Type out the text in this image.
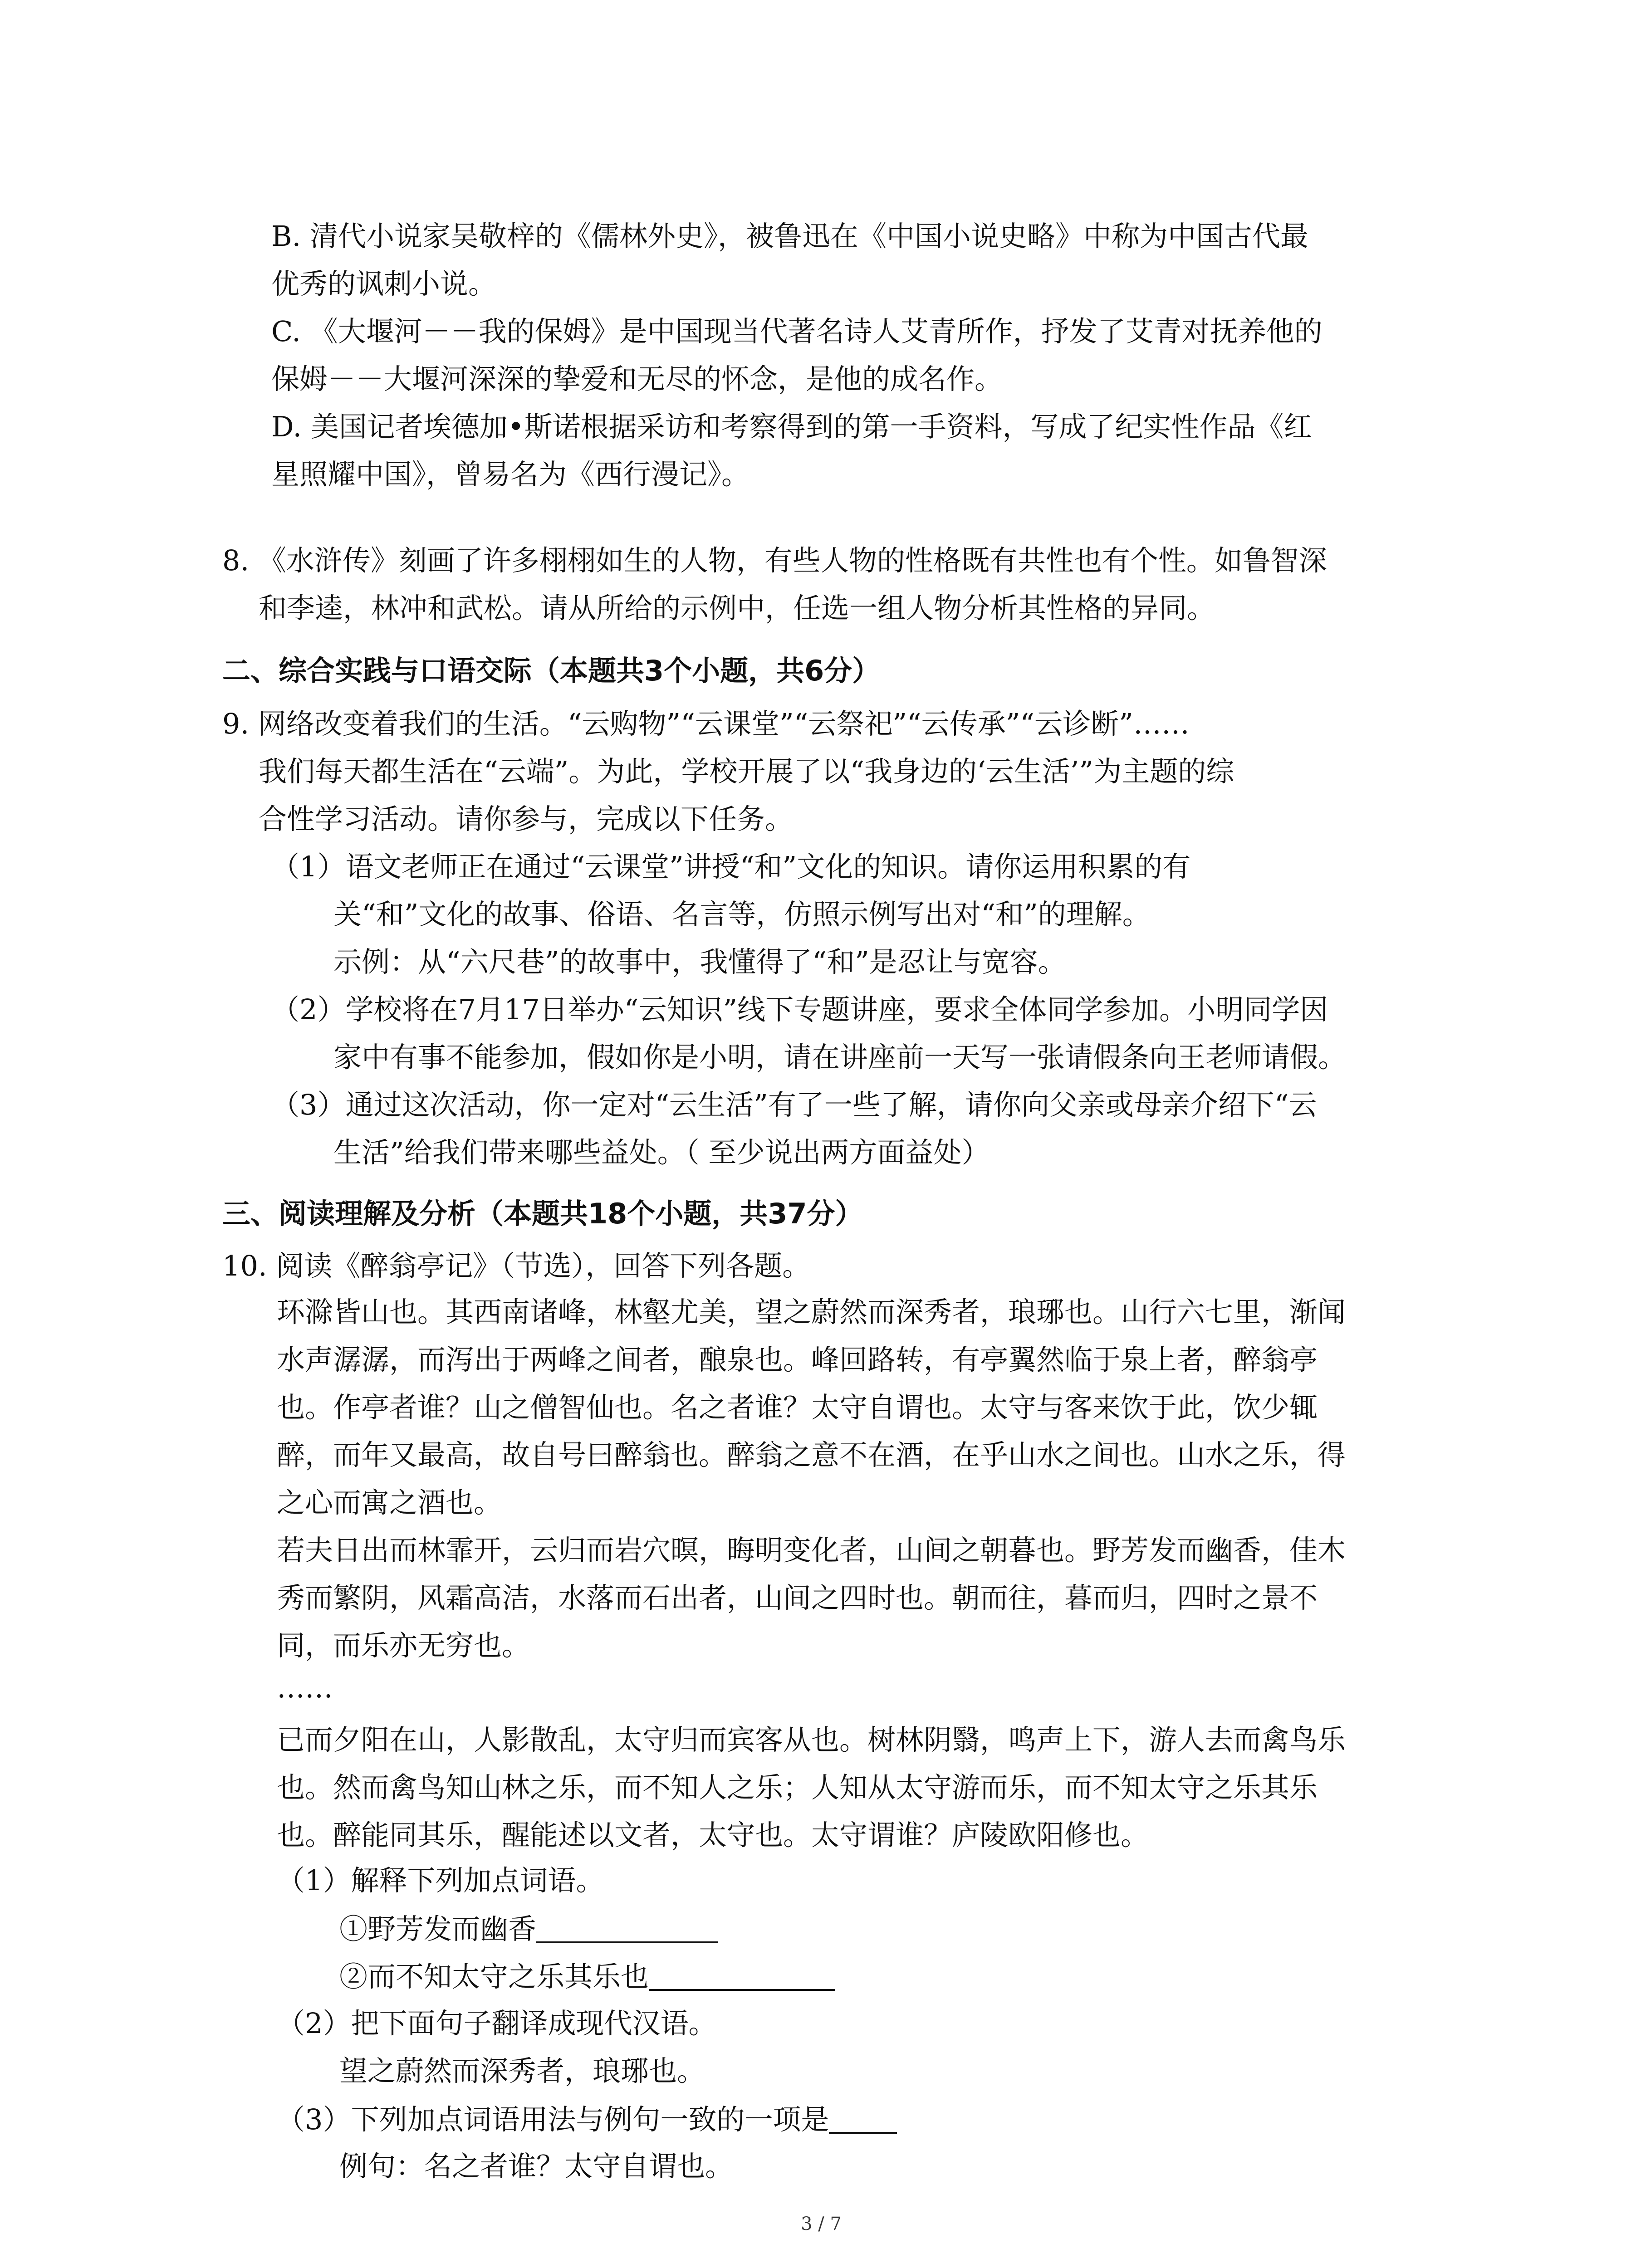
B. 清代小说家吴敬梓的《儒林外史》，被鲁迅在《中国小说史略》中称为中国古代最
优秀的讽刺小说。
C. 《大堰河－－我的保姆》是中国现当代著名诗人艾青所作，抒发了艾青对抚养他的
保姆－－大堰河深深的挚爱和无尽的怀念，是他的成名作。
D. 美国记者埃德加•斯诺根据采访和考察得到的第一手资料，写成了纪实性作品《红
星照耀中国》，曾易名为《西行漫记》。
8. 《水浒传》刻画了许多栩栩如生的人物，有些人物的性格既有共性也有个性。如鲁智深
和李逵，林冲和武松。请从所给的示例中，任选一组人物分析其性格的异同。
二、综合实践与口语交际（本题共3个小题，共6分）
9. 网络改变着我们的生活。“云购物”“云课堂”“云祭祀”“云传承”“云诊断”……
我们每天都生活在“云端”。为此，学校开展了以“我身边的‘云生活’”为主题的综
合性学习活动。请你参与，完成以下任务。
（1）语文老师正在通过“云课堂”讲授“和”文化的知识。请你运用积累的有
关“和”文化的故事、俗语、名言等，仿照示例写出对“和”的理解。
示例：从“六尺巷”的故事中，我懂得了“和”是忍让与宽容。
（2）学校将在7月17日举办“云知识”线下专题讲座，要求全体同学参加。小明同学因
家中有事不能参加，假如你是小明，请在讲座前一天写一张请假条向王老师请假。
（3）通过这次活动，你一定对“云生活”有了一些了解，请你向父亲或母亲介绍下“云
生活”给我们带来哪些益处。（ 至少说出两方面益处）
三、阅读理解及分析（本题共18个小题，共37分）
10. 阅读《醉翁亭记》（节选），回答下列各题。
环滁皆山也。其西南诸峰，林壑尤美，望之蔚然而深秀者，琅琊也。山行六七里，渐闻
水声潺潺，而泻出于两峰之间者，酿泉也。峰回路转，有亭翼然临于泉上者，醉翁亭
也。作亭者谁？山之僧智仙也。名之者谁？太守自谓也。太守与客来饮于此，饮少辄
醉，而年又最高，故自号曰醉翁也。醉翁之意不在酒，在乎山水之间也。山水之乐，得
之心而寓之酒也。
若夫日出而林霏开，云归而岩穴暝，晦明变化者，山间之朝暮也。野芳发而幽香，佳木
秀而繁阴，风霜高洁，水落而石出者，山间之四时也。朝而往，暮而归，四时之景不
同，而乐亦无穷也。
……
已而夕阳在山，人影散乱，太守归而宾客从也。树林阴翳，鸣声上下，游人去而禽鸟乐
也。然而禽鸟知山林之乐，而不知人之乐；人知从太守游而乐，而不知太守之乐其乐
也。醉能同其乐，醒能述以文者，太守也。太守谓谁？庐陵欧阳修也。
（1）解释下列加点词语。
①野芳发而幽香
②而不知太守之乐其乐也
（2）把下面句子翻译成现代汉语。
望之蔚然而深秀者，琅琊也。
（3）下列加点词语用法与例句一致的一项是
例句：名之者谁？太守自谓也。
3 / 7
